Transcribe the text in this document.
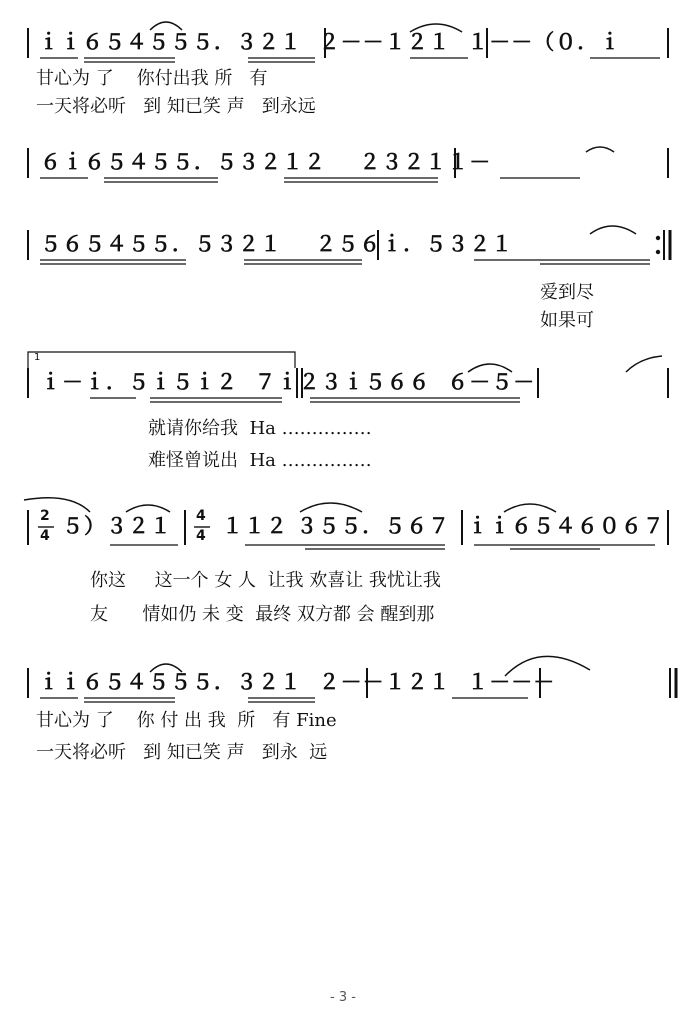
ｉｉ６５４５５５．３２１  ２－－１２１  １－－（０．ｉ
甘心为 了    你付出我 所   有
一天将必听   到 知已笑 声   到永远
６ｉ６５４５５．５３２１２    ２３２１１－
５６５４５５．５３２１    ２５６ｉ．５３２１
爱到尽
如果可
1
ｉ－ｉ．５ｉ５ｉ２  ７ｉ２３ｉ５６６  ６－５－
就请你给我  Ha ……………
难怪曾说出  Ha ……………
2
4 ５）３２１ 4
4 １１２ ３５５．５６７  ｉｉ６５４６０６７
你这     这一个 女 人  让我 欢喜让 我忧让我
友      情如仍 未 变  最终 双方都 会 醒到那
ｉｉ６５４５５５．３２１  ２－－１２１  １－－－
甘心为 了    你 付 出 我  所   有 Fine
一天将必听   到 知已笑 声   到永  远
- 3 -
